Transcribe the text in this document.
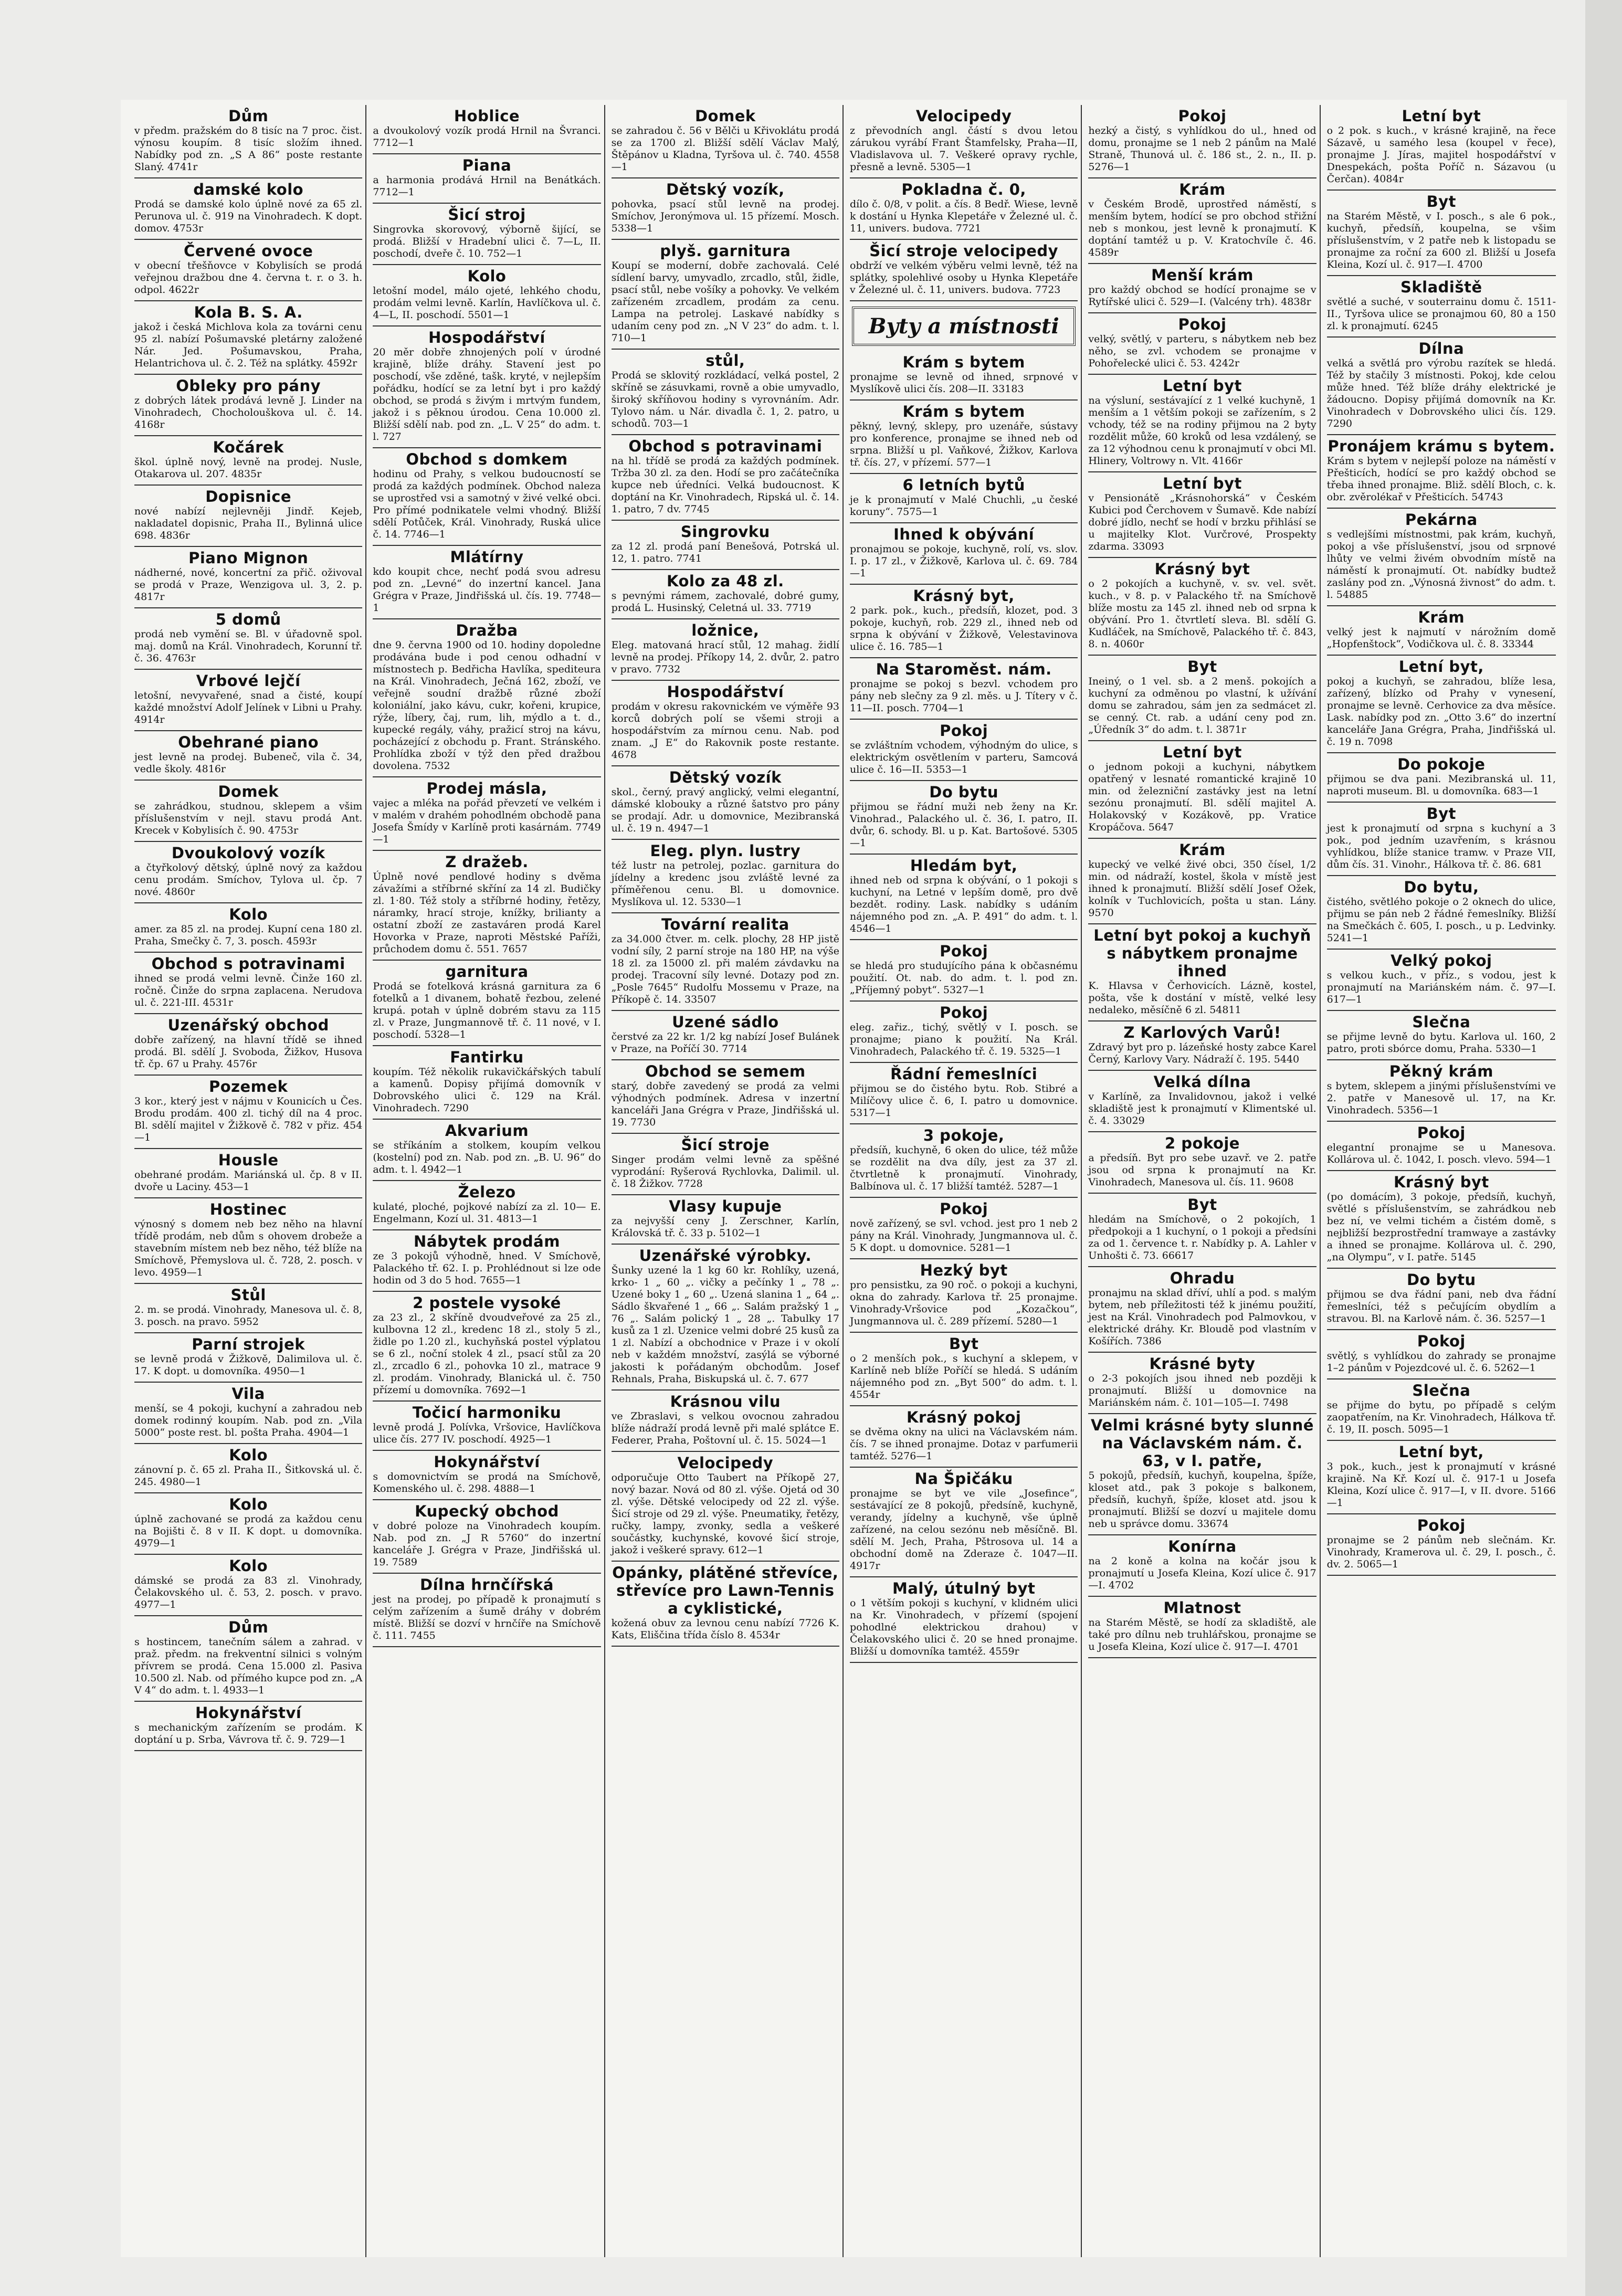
Dům
v předm. pražském do 8 tisíc na 7 proc. čist. výnosu koupím. 8 tisíc složím ihned. Nabídky pod zn. „S A 86“ poste restante Slaný. 4741r
damské kolo
Prodá se damské kolo úplně nové za 65 zl. Perunova ul. č. 919 na Vinohradech. K dopt. domov. 4753r
Červené ovoce
v obecní třešňovce v Kobylisích se prodá veřejnou dražbou dne 4. června t. r. o 3. h. odpol. 4622r
Kola B. S. A.
jakož i česká Michlova kola za továrni cenu 95 zl. nabízí Pošumavské pletárny založené Nár. Jed. Pošumavskou, Praha, Helantrichova ul. č. 2. Též na splátky. 4592r
Obleky pro pány
z dobrých látek prodává levně J. Linder na Vinohradech, Chocholouškova ul. č. 14. 4168r
Kočárek
škol. úplně nový, levně na prodej. Nusle, Otakarova ul. 207. 4835r
Dopisnice
nové nabízí nejlevněji Jindř. Kejeb, nakladatel dopisnic, Praha II., Bylinná ulice 698. 4836r
Piano Mignon
nádherné, nové, koncertní za přič. oživoval se prodá v Praze, Wenzigova ul. 3, 2. p. 4817r
5 domů
prodá neb vymění se. Bl. v úřadovně spol. maj. domů na Král. Vinohradech, Korunní tř. č. 36. 4763r
Vrbové lejčí
letošní, nevyvařené, snad a čisté, koupí každé množství Adolf Jelínek v Libni u Prahy. 4914r
Obehrané piano
jest levně na prodej. Bubeneč, vila č. 34, vedle školy. 4816r
Domek
se zahrádkou, studnou, sklepem a všim příslušenstvím v nejl. stavu prodá Ant. Krecek v Kobylisích č. 90. 4753r
Dvoukolový vozík
a čtyřkolový dětský, úplně nový za každou cenu prodám. Smíchov, Tylova ul. čp. 7 nové. 4860r
Kolo
amer. za 85 zl. na prodej. Kupní cena 180 zl. Praha, Smečky č. 7, 3. posch. 4593r
Obchod s potravinami
ihned se prodá velmi levně. Činže 160 zl. ročně. Činže do srpna zaplacena. Nerudova ul. č. 221-III. 4531r
Uzenářský obchod
dobře zařízený, na hlavní třídě se ihned prodá. Bl. sdělí J. Svoboda, Žižkov, Husova tř. čp. 67 u Prahy. 4576r
Pozemek
3 kor., který jest v nájmu v Kounicích u Čes. Brodu prodám. 400 zl. tichý díl na 4 proc. Bl. sdělí majitel v Žižkově č. 782 v přiz. 454—1
Housle
obehrané prodám. Mariánská ul. čp. 8 v II. dvoře u Laciny. 453—1
Hostinec
výnosný s domem neb bez něho na hlavní třídě prodám, neb dům s ohovem drobeže a stavebním místem neb bez něho, též blíže na Smíchově, Přemyslova ul. č. 728, 2. posch. v levo. 4959—1
Stůl
2. m. se prodá. Vinohrady, Manesova ul. č. 8, 3. posch. na pravo. 5952
Parní strojek
se levně prodá v Žižkově, Dalimilova ul. č. 17. K dopt. u domovníka. 4950—1
Vila
menší, se 4 pokoji, kuchyní a zahradou neb domek rodinný koupím. Nab. pod zn. „Vila 5000“ poste rest. bl. pošta Praha. 4904—1
Kolo
zánovní p. č. 65 zl. Praha II., Šitkovská ul. č. 245. 4980—1
Kolo
úplně zachované se prodá za každou cenu na Bojišti č. 8 v II. K dopt. u domovníka. 4979—1
Kolo
dámské se prodá za 83 zl. Vinohrady, Čelakovského ul. č. 53, 2. posch. v pravo. 4977—1
Dům
s hostincem, tanečním sálem a zahrad. v praž. předm. na frekventní silnici s volným přívrem se prodá. Cena 15.000 zl. Pasiva 10.500 zl. Nab. od přímého kupce pod zn. „A V 4“ do adm. t. l. 4933—1
Hokynářství
s mechanickým zařízením se prodám. K doptání u p. Srba, Vávrova tř. č. 9. 729—1
Hoblice
a dvoukolový vozík prodá Hrnil na Švranci. 7712—1
Piana
a harmonia prodává Hrnil na Benátkách. 7712—1
Šicí stroj
Singrovka skorovový, výborně šijící, se prodá. Bližší v Hradební ulici č. 7—L, II. poschodí, dveře č. 10. 752—1
Kolo
letošní model, málo ojeté, lehkého chodu, prodám velmi levně. Karlín, Havlíčkova ul. č. 4—L, II. poschodí. 5501—1
Hospodářství
20 měr dobře zhnojených polí v úrodné krajině, blíže dráhy. Stavení jest po poschodí, vše zděné, tašk. kryté, v nejlepším pořádku, hodící se za letní byt i pro každý obchod, se prodá s živým i mrtvým fundem, jakož i s pěknou úrodou. Cena 10.000 zl. Bližší sdělí nab. pod zn. „L. V 25“ do adm. t. l. 727
Obchod s domkem
hodinu od Prahy, s velkou budoucností se prodá za každých podmínek. Obchod naleza se uprostřed vsi a samotný v živé velké obci. Pro přímé podnikatele velmi vhodný. Bližší sdělí Potůček, Král. Vinohrady, Ruská ulice č. 14. 7746—1
Mlátírny
kdo koupit chce, nechť podá svou adresu pod zn. „Levné“ do inzertní kancel. Jana Grégra v Praze, Jindřišská ul. čís. 19. 7748—1
Dražba
dne 9. června 1900 od 10. hodiny dopoledne prodávána bude i pod cenou odhadní v místnostech p. Bedřicha Havlíka, spediteura na Král. Vinohradech, Ječná 162, zboží, ve veřejně soudní dražbě různé zboží koloniální, jako kávu, cukr, kořeni, krupice, rýže, líbery, čaj, rum, lih, mýdlo a t. d., kupecké regály, váhy, pražicí stroj na kávu, pocházející z obchodu p. Frant. Stránského. Prohlídka zboží v týž den před dražbou dovolena. 7532
Prodej másla,
vajec a mléka na pořád převzetí ve velkém i v malém v drahém pohodlném obchodě pana Josefa Šmídy v Karlíně proti kasárnám. 7749—1
Z dražeb.
Úplně nové pendlové hodiny s dvěma závažími a stříbrné skříní za 14 zl. Budičky zl. 1·80. Též stoly a stříbrné hodiny, řetězy, náramky, hrací stroje, knížky, brilianty a ostatní zboží ze zastaváren prodá Karel Hovorka v Praze, naproti Městské Paříži, průchodem domu č. 551. 7657
garnitura
Prodá se fotelková krásná garnitura za 6 fotelků a 1 divanem, bohatě řezbou, zelené krupá. potah v úplně dobrém stavu za 115 zl. v Praze, Jungmannově tř. č. 11 nové, v I. poschodí. 5328—1
Fantirku
koupím. Též několik rukavičkářských tabulí a kamenů. Dopisy přijímá domovník v Dobrovského ulici č. 129 na Král. Vinohradech. 7290
Akvarium
se stříkáním a stolkem, koupím velkou (kostelní) pod zn. Nab. pod zn. „B. U. 96“ do adm. t. l. 4942—1
Železo
kulaté, ploché, pojkové nabízí za zl. 10— E. Engelmann, Kozí ul. 31. 4813—1
Nábytek prodám
ze 3 pokojů výhodně, hned. V Smíchově, Palackého tř. 62. I. p. Prohlédnout si lze ode hodin od 3 do 5 hod. 7655—1
2 postele vysoké
za 23 zl., 2 skříně dvoudveřové za 25 zl., kulbovna 12 zl., kredenc 18 zl., stoly 5 zl., židle po 1.20 zl., kuchyňská postel výplatou se 6 zl., noční stolek 4 zl., psací stůl za 20 zl., zrcadlo 6 zl., pohovka 10 zl., matrace 9 zl. prodám. Vinohrady, Blanická ul. č. 750 přízemí u domovníka. 7692—1
Točicí harmoniku
levně prodá J. Polívka, Vršovice, Havlíčkova ulice čís. 277 IV. poschodí. 4925—1
Hokynářství
s domovnictvím se prodá na Smíchově, Komenského ul. č. 298. 4888—1
Kupecký obchod
v dobré poloze na Vinohradech koupím. Nab. pod zn. „J R 5760“ do inzertní kanceláře J. Grégra v Praze, Jindřišská ul. 19. 7589
Dílna hrnčířská
jest na prodej, po případě k pronajmutí s celým zařízením a šumě dráhy v dobrém místě. Bližší se dozví v hrnčíře na Smíchově č. 111. 7455
Domek
se zahradou č. 56 v Bělči u Křivoklátu prodá se za 1700 zl. Bližší sdělí Václav Malý, Štěpánov u Kladna, Tyršova ul. č. 740. 4558—1
Dětský vozík,
pohovka, psací stůl levně na prodej. Smíchov, Jeronýmova ul. 15 přízemí. Mosch. 5338—1
plyš. garnitura
Koupí se moderní, dobře zachovalá. Celé sídlení barvy, umyvadlo, zrcadlo, stůl, židle, psací stůl, nebe vošíky a pohovky. Ve velkém zařízeném zrcadlem, prodám za cenu. Lampa na petrolej. Laskavé nabídky s udaním ceny pod zn. „N V 23“ do adm. t. l. 710—1
stůl,
Prodá se sklovitý rozkládací, velká postel, 2 skříně se zásuvkami, rovně a obie umyvadlo, široký skříňovou hodiny s vyrovnáním. Adr. Tylovo nám. u Nár. divadla č. 1, 2. patro, u schodů. 703—1
Obchod s potravinami
na hl. třídě se prodá za každých podmínek. Tržba 30 zl. za den. Hodí se pro začátečníka kupce neb úředníci. Velká budoucnost. K doptání na Kr. Vinohradech, Ripská ul. č. 14. 1. patro, 7 dv. 7745
Singrovku
za 12 zl. prodá paní Benešová, Potrská ul. 12, 1. patro. 7741
Kolo za 48 zl.
s pevnými rámem, zachovalé, dobré gumy, prodá L. Husinský, Celetná ul. 33. 7719
ložnice,
Eleg. matovaná hrací stůl, 12 mahag. židlí levně na prodej. Příkopy 14, 2. dvůr, 2. patro v pravo. 7732
Hospodářství
prodám v okresu rakovnickém ve výměře 93 korců dobrých polí se všemi stroji a hospodářstvím za mírnou cenu. Nab. pod znam. „J E“ do Rakovnik poste restante. 4678
Dětský vozík
skol., černý, pravý anglický, velmi elegantní, dámské klobouky a různé šatstvo pro pány se prodají. Adr. u domovnice, Mezibranská ul. č. 19 n. 4947—1
Eleg. plyn. lustry
též lustr na petrolej, pozlac. garnitura do jídelny a kredenc jsou zvláště levné za příměřenou cenu. Bl. u domovnice. Myslíkova ul. 12. 5330—1
Tovární realita
za 34.000 čtver. m. celk. plochy, 28 HP jistě vodní síly, 2 parní stroje na 180 HP, na výše 18 zl. za 15000 zl. při malém závdavku na prodej. Tracovní síly levné. Dotazy pod zn. „Posle 7645“ Rudolfu Mossemu v Praze, na Příkopě č. 14. 33507
Uzené sádlo
čerstvé za 22 kr. 1/2 kg nabízí Josef Bulánek v Praze, na Poříčí 30. 7714
Obchod se semem
starý, dobře zavedený se prodá za velmi výhodných podmínek. Adresa v inzertní kanceláři Jana Grégra v Praze, Jindřišská ul. 19. 7730
Šicí stroje
Singer prodám velmi levně za spěšné vyprodání: Ryšerová Rychlovka, Dalimil. ul. č. 18 Žižkov. 7728
Vlasy kupuje
za nejvyšší ceny J. Zerschner, Karlín, Královská tř. č. 33 p. 5102—1
Uzenářské výrobky.
Šunky uzené la 1 kg 60 kr. Rohlíky, uzená, krko- 1 „ 60 „. vičky a pečínky 1 „ 78 „. Uzené boky 1 „ 60 „. Uzená slanina 1 „ 64 „. Sádlo škvařené 1 „ 66 „. Salám pražský 1 „ 76 „. Salám polický 1 „ 28 „. Tabulky 17 kusů za 1 zl. Uzenice velmi dobré 25 kusů za 1 zl. Nabízí a obchodnice v Praze i v okolí neb v každém množství, zasýlá se výborné jakosti k pořádaným obchodům. Josef Rehnals, Praha, Biskupská ul. č. 7. 677
Krásnou vilu
ve Zbraslavi, s velkou ovocnou zahradou blíže nádraží prodá levně při malé splátce E. Federer, Praha, Poštovní ul. č. 15. 5024—1
Velocipedy
odporučuje Otto Taubert na Příkopě 27, nový bazar. Nová od 80 zl. výše. Ojetá od 30 zl. výše. Dětské velocipedy od 22 zl. výše. Šicí stroje od 29 zl. výše. Pneumatiky, řetězy, ručky, lampy, zvonky, sedla a veškeré součástky, kuchynské, kovové šicí stroje, jakož i veškeré spravy. 612—1
Opánky, plátěné střevíce, střevíce pro Lawn-Tennis a cyklistické,
kožená obuv za levnou cenu nabízí 7726 K. Kats, Eliščina třída číslo 8. 4534r
Velocipedy
z převodních angl. částí s dvou letou zárukou vyrábí Frant Štamfelsky, Praha—II, Vladislavova ul. 7. Veškeré opravy rychle, přesně a levně. 5305—1
Pokladna č. 0,
dílo č. 0/8, v polit. a čís. 8 Bedř. Wiese, levně k dostání u Hynka Klepetáře v Železné ul. č. 11, univers. budova. 7721
Šicí stroje velocipedy
obdrží ve velkém výběru velmi levně, též na splátky, spolehlivé osoby u Hynka Klepetáře v Železné ul. č. 11, univers. budova. 7723
Byty a místnosti
Krám s bytem
pronajme se levně od ihned, srpnové v Myslíkově ulici čís. 208—II. 33183
Krám s bytem
pěkný, levný, sklepy, pro uzenáře, sústavy pro konference, pronajme se ihned neb od srpna. Bližší u pl. Vaňkové, Žižkov, Karlova tř. čís. 27, v přízemí. 577—1
6 letních bytů
je k pronajmutí v Malé Chuchli, „u české koruny“. 7575—1
Ihned k obývání
pronajmou se pokoje, kuchyně, rolí, vs. slov. I. p. 17 zl., v Žižkově, Karlova ul. č. 69. 784—1
Krásný byt,
2 park. pok., kuch., předsíň, klozet, pod. 3 pokoje, kuchyň, rob. 229 zl., ihned neb od srpna k obývání v Žižkově, Velestavinova ulice č. 16. 785—1
Na Staroměst. nám.
pronajme se pokoj s bezvl. vchodem pro pány neb slečny za 9 zl. měs. u J. Títery v č. 11—II. posch. 7704—1
Pokoj
se zvláštním vchodem, výhodným do ulice, s elektrickým osvětlením v parteru, Samcová ulice č. 16—II. 5353—1
Do bytu
přijmou se řádní muži neb ženy na Kr. Vinohrad., Palackého ul. č. 36, I. patro, II. dvůr, 6. schody. Bl. u p. Kat. Bartošové. 5305—1
Hledám byt,
ihned neb od srpna k obývání, o 1 pokoji s kuchyní, na Letné v lepším domě, pro dvě bezdět. rodiny. Lask. nabídky s udáním nájemného pod zn. „A. P. 491“ do adm. t. l. 4546—1
Pokoj
se hledá pro studujícího pána k občasnému použití. Ot. nab. do adm. t. l. pod zn. „Příjemný pobyt“. 5327—1
Pokoj
eleg. zařiz., tichý, světlý v I. posch. se pronajme; piano k použití. Na Král. Vinohradech, Palackého tř. č. 19. 5325—1
Řádní řemeslníci
přijmou se do čistého bytu. Rob. Stibré a Milíčovy ulice č. 6, I. patro u domovnice. 5317—1
3 pokoje,
předsíň, kuchyně, 6 oken do ulice, též může se rozdělit na dva díly, jest za 37 zl. čtvrtletně k pronajmutí. Vinohrady, Balbínova ul. č. 17 bližší tamtéž. 5287—1
Pokoj
nově zařízený, se svl. vchod. jest pro 1 neb 2 pány na Král. Vinohrady, Jungmannova ul. č. 5 K dopt. u domovnice. 5281—1
Hezký byt
pro pensistku, za 90 roč. o pokoji a kuchyni, okna do zahrady. Karlova tř. 25 pronajme. Vinohrady-Vršovice pod „Kozačkou“, Jungmannova ul. č. 289 přízemí. 5280—1
Byt
o 2 menších pok., s kuchyní a sklepem, v Karlíně neb blíže Poříčí se hledá. S udáním nájemného pod zn. „Byt 500“ do adm. t. l. 4554r
Krásný pokoj
se dvěma okny na ulici na Václavském nám. čís. 7 se ihned pronajme. Dotaz v parfumerii tamtéž. 5276—1
Na Špičáku
pronajme se byt ve vile „Josefince“, sestávající ze 8 pokojů, předsíně, kuchyně, verandy, jídelny a kuchyně, vše úplně zařízené, na celou sezónu neb měsíčně. Bl. sdělí M. Jech, Praha, Pštrosova ul. 14 a obchodní domě na Zderaze č. 1047—II. 4917r
Malý, útulný byt
o 1 větším pokoji s kuchyní, v klidném ulici na Kr. Vinohradech, v přízemí (spojení pohodlné elektrickou drahou) v Čelakovského ulici č. 20 se hned pronajme. Bližší u domovníka tamtéž. 4559r
Pokoj
hezký a čistý, s vyhlídkou do ul., hned od domu, pronajme se 1 neb 2 pánům na Malé Straně, Thunová ul. č. 186 st., 2. n., II. p. 5276—1
Krám
v Českém Brodě, uprostřed náměstí, s menším bytem, hodící se pro obchod střižní neb s monkou, jest levně k pronajmutí. K doptání tamtéž u p. V. Kratochvíle č. 46. 4589r
Menší krám
pro každý obchod se hodící pronajme se v Rytířské ulici č. 529—I. (Valcény trh). 4838r
Pokoj
velký, světlý, v parteru, s nábytkem neb bez něho, se zvl. vchodem se pronajme v Pohořelecké ulici č. 53. 4242r
Letní byt
na výsluní, sestávající z 1 velké kuchyně, 1 menším a 1 větším pokoji se zařízením, s 2 vchody, též se na rodiny přijmou na 2 byty rozdělit může, 60 kroků od lesa vzdálený, se za 12 výhodnou cenu k pronajmutí v obci Ml. Hlinery, Voltrowy n. Vlt. 4166r
Letní byt
v Pensionátě „Krásnohorská“ v Českém Kubici pod Čerchovem v Šumavě. Kde nabízí dobré jídlo, nechť se hodí v brzku přihlásí se u majitelky Klot. Vurčrové, Prospekty zdarma. 33093
Krásný byt
o 2 pokojích a kuchyně, v. sv. vel. svět. kuch., v 8. p. v Palackého tř. na Smíchově blíže mostu za 145 zl. ihned neb od srpna k obývání. Pro 1. čtvrtletí sleva. Bl. sdělí G. Kudláček, na Smíchově, Palackého tř. č. 843, 8. n. 4060r
Byt
Ineiný, o 1 vel. sb. a 2 menš. pokojích a kuchyní za odměnou po vlastní, k užívání domu se zahradou, sám jen za sedmácet zl. se cenný. Ct. rab. a udání ceny pod zn. „Úředník 3“ do adm. t. l. 3871r
Letní byt
o jednom pokoji a kuchyni, nábytkem opatřený v lesnaté romantické krajině 10 min. od železniční zastávky jest na letní sezónu pronajmutí. Bl. sdělí majitel A. Holakovský v Kozákově, pp. Vratice Kropáčova. 5647
Krám
kupecký ve velké živé obci, 350 čísel, 1/2 min. od nádraží, kostel, škola v místě jest ihned k pronajmutí. Bližší sdělí Josef Ožek, kolník v Tuchlovicích, pošta u stan. Lány. 9570
Letní byt pokoj a kuchyň s nábytkem pronajme ihned
K. Hlavsa v Čerhovicích. Lázně, kostel, pošta, vše k dostání v místě, velké lesy nedaleko, měsíčně 6 zl. 54811
Z Karlových Varů!
Zdravý byt pro p. lázeňské hosty zabce Karel Černý, Karlovy Vary. Nádraží č. 195. 5440
Velká dílna
v Karlíně, za Invalidovnou, jakož i velké skladiště jest k pronajmutí v Klimentské ul. č. 4. 33029
2 pokoje
a předsíň. Byt pro sebe uzavř. ve 2. patře jsou od srpna k pronajmutí na Kr. Vinohradech, Manesova ul. čís. 11. 9608
Byt
hledám na Smíchově, o 2 pokojích, 1 předpokoji a 1 kuchyní, o 1 pokoji a předsíni za od 1. července t. r. Nabídky p. A. Lahler v Unhošti č. 73. 66617
Ohradu
pronajmu na sklad dříví, uhlí a pod. s malým bytem, neb příležitosti též k jinému použití, jest na Král. Vinohradech pod Palmovkou, v elektrické dráhy. Kr. Bloudě pod vlastním v Košířích. 7386
Krásné byty
o 2-3 pokojích jsou ihned neb později k pronajmutí. Bližší u domovnice na Mariánském nám. č. 101—105—I. 7498
Velmi krásné byty slunné na Václavském nám. č. 63, v I. patře,
5 pokojů, předsíň, kuchyň, koupelna, špíže, kloset atd., pak 3 pokoje s balkonem, předsíň, kuchyň, špíže, kloset atd. jsou k pronajmutí. Bližší se dozví u majitele domu neb u správce domu. 33674
Konírna
na 2 koně a kolna na kočár jsou k pronajmutí u Josefa Kleina, Kozí ulice č. 917—I. 4702
Mlatnost
na Starém Městě, se hodí za skladiště, ale také pro dílnu neb truhlářskou, pronajme se u Josefa Kleina, Kozí ulice č. 917—I. 4701
Letní byt
o 2 pok. s kuch., v krásné krajině, na řece Sázavě, u samého lesa (koupel v řece), pronajme J. Jíras, majitel hospodářství v Dnespekách, pošta Poříč n. Sázavou (u Čerčan). 4084r
Byt
na Starém Městě, v I. posch., s ale 6 pok., kuchyň, předsíň, koupelna, se všim příslušenstvím, v 2 patře neb k listopadu se pronajme za roční za 600 zl. Bližší u Josefa Kleina, Kozí ul. č. 917—I. 4700
Skladiště
světlé a suché, v souterrainu domu č. 1511-II., Tyršova ulice se pronajmou 60, 80 a 150 zl. k pronajmutí. 6245
Dílna
velká a světlá pro výrobu razítek se hledá. Též by stačily 3 místnosti. Pokoj, kde celou může hned. Též blíže dráhy elektrické je žádoucno. Dopisy přijímá domovník na Kr. Vinohradech v Dobrovského ulici čís. 129. 7290
Pronájem krámu s bytem.
Krám s bytem v nejlepší poloze na náměstí v Přešticích, hodící se pro každý obchod se třeba ihned pronajme. Bliž. sdělí Bloch, c. k. obr. zvěrolékař v Přešticích. 54743
Pekárna
s vedlejšími místnostmi, pak krám, kuchyň, pokoj a vše příslušenství, jsou od srpnové lhůty ve velmi živém obvodním místě na náměstí k pronajmutí. Ot. nabídky budtež zaslány pod zn. „Výnosná živnost“ do adm. t. l. 54885
Krám
velký jest k najmutí v nárožním domě „Hopfenštock“, Vodičkova ul. č. 8. 33344
Letní byt,
pokoj a kuchyň, se zahradou, blíže lesa, zařízený, blízko od Prahy v vynesení, pronajme se levně. Cerhovice za dva měsíce. Lask. nabídky pod zn. „Otto 3.6“ do inzertní kanceláře Jana Grégra, Praha, Jindřišská ul. č. 19 n. 7098
Do pokoje
přijmou se dva pani. Mezibranská ul. 11, naproti museum. Bl. u domovníka. 683—1
Byt
jest k pronajmutí od srpna s kuchyní a 3 pok., pod jedním uzavřením, s krásnou vyhlídkou, blíže stanice tramw. v Praze VII, dům čís. 31. Vinohr., Hálkova tř. č. 86. 681
Do bytu,
čistého, světlého pokoje o 2 oknech do ulice, přijmu se pán neb 2 řádné řemeslníky. Bližší na Smečkách č. 605, I. posch., u p. Ledvinky. 5241—1
Velký pokoj
s velkou kuch., v příz., s vodou, jest k pronajmutí na Mariánském nám. č. 97—I. 617—1
Slečna
se přijme levně do bytu. Karlova ul. 160, 2 patro, proti sbórce domu, Praha. 5330—1
Pěkný krám
s bytem, sklepem a jinými příslušenstvími ve 2. patře v Manesově ul. 17, na Kr. Vinohradech. 5356—1
Pokoj
elegantní pronajme se u Manesova. Kollárova ul. č. 1042, I. posch. vlevo. 594—1
Krásný byt
(po domácím), 3 pokoje, předsíň, kuchyň, světlé s příslušenstvím, se zahrádkou neb bez ní, ve velmi tichém a čistém domě, s nejbližší bezprostřední tramwaye a zastávky a ihned se pronajme. Kollárova ul. č. 290, „na Olympu“, v I. patře. 5145
Do bytu
přijmou se dva řádní pani, neb dva řádní řemeslníci, též s pečujícím obydlím a stravou. Bl. na Karlově nám. č. 36. 5257—1
Pokoj
světlý, s vyhlídkou do zahrady se pronajme 1–2 pánům v Pojezdcové ul. č. 6. 5262—1
Slečna
se přijme do bytu, po případě s celým zaopatřením, na Kr. Vinohradech, Hálkova tř. č. 19, II. posch. 5095—1
Letní byt,
3 pok., kuch., jest k pronajmutí v krásné krajině. Na Kř. Kozí ul. č. 917-1 u Josefa Kleina, Kozí ulice č. 917—I, v II. dvore. 5166—1
Pokoj
pronajme se 2 pánům neb slečnám. Kr. Vinohrady, Kramerova ul. č. 29, I. posch., č. dv. 2. 5065—1
